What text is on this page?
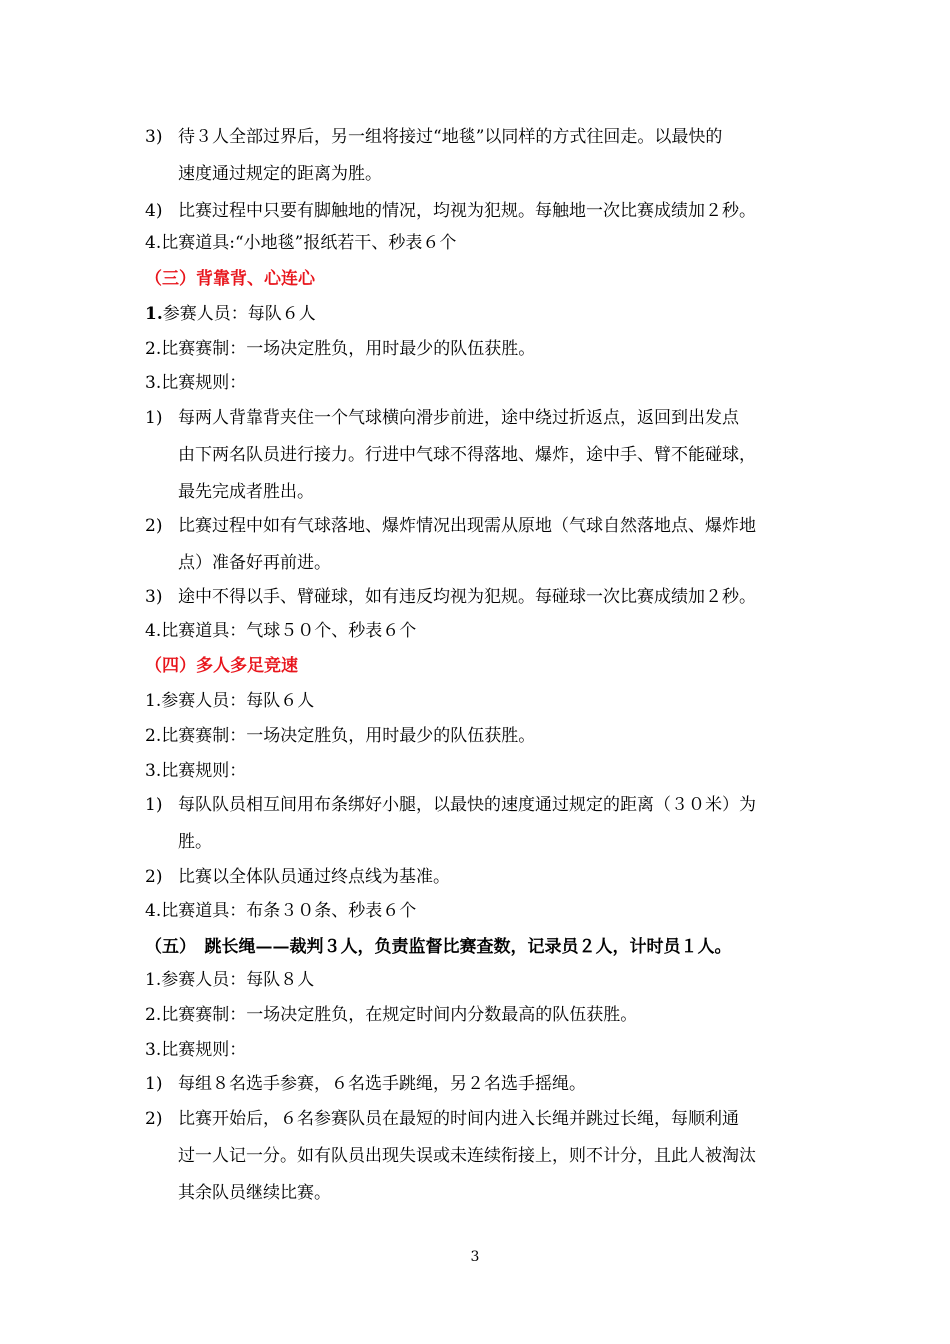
3) 待３人全部过界后，另一组将接过“地毯”以同样的方式往回走。以最快的
速度通过规定的距离为胜。
4) 比赛过程中只要有脚触地的情况，均视为犯规。每触地一次比赛成绩加２秒。
4.比赛道具:“小地毯”报纸若干、秒表６个
（三）背靠背、心连心
1.参赛人员：每队６人
2.比赛赛制：一场决定胜负，用时最少的队伍获胜。
3.比赛规则：
1) 每两人背靠背夹住一个气球横向滑步前进，途中绕过折返点，返回到出发点
由下两名队员进行接力。行进中气球不得落地、爆炸，途中手、臂不能碰球，
最先完成者胜出。
2) 比赛过程中如有气球落地、爆炸情况出现需从原地（气球自然落地点、爆炸地
点）准备好再前进。
3) 途中不得以手、臂碰球，如有违反均视为犯规。每碰球一次比赛成绩加２秒。
4.比赛道具：气球５０个、秒表６个
（四）多人多足竞速
1.参赛人员：每队６人
2.比赛赛制：一场决定胜负，用时最少的队伍获胜。
3.比赛规则：
1) 每队队员相互间用布条绑好小腿，以最快的速度通过规定的距离（３０米）为
胜。
2) 比赛以全体队员通过终点线为基准。
4.比赛道具：布条３０条、秒表６个
（五）　跳长绳——裁判３人，负责监督比赛查数，记录员２人，计时员１人。
1.参赛人员：每队８人
2.比赛赛制：一场决定胜负，在规定时间内分数最高的队伍获胜。
3.比赛规则：
1) 每组８名选手参赛，６名选手跳绳，另２名选手摇绳。
2) 比赛开始后，６名参赛队员在最短的时间内进入长绳并跳过长绳，每顺利通
过一人记一分。如有队员出现失误或未连续衔接上，则不计分，且此人被淘汰
其余队员继续比赛。
3
